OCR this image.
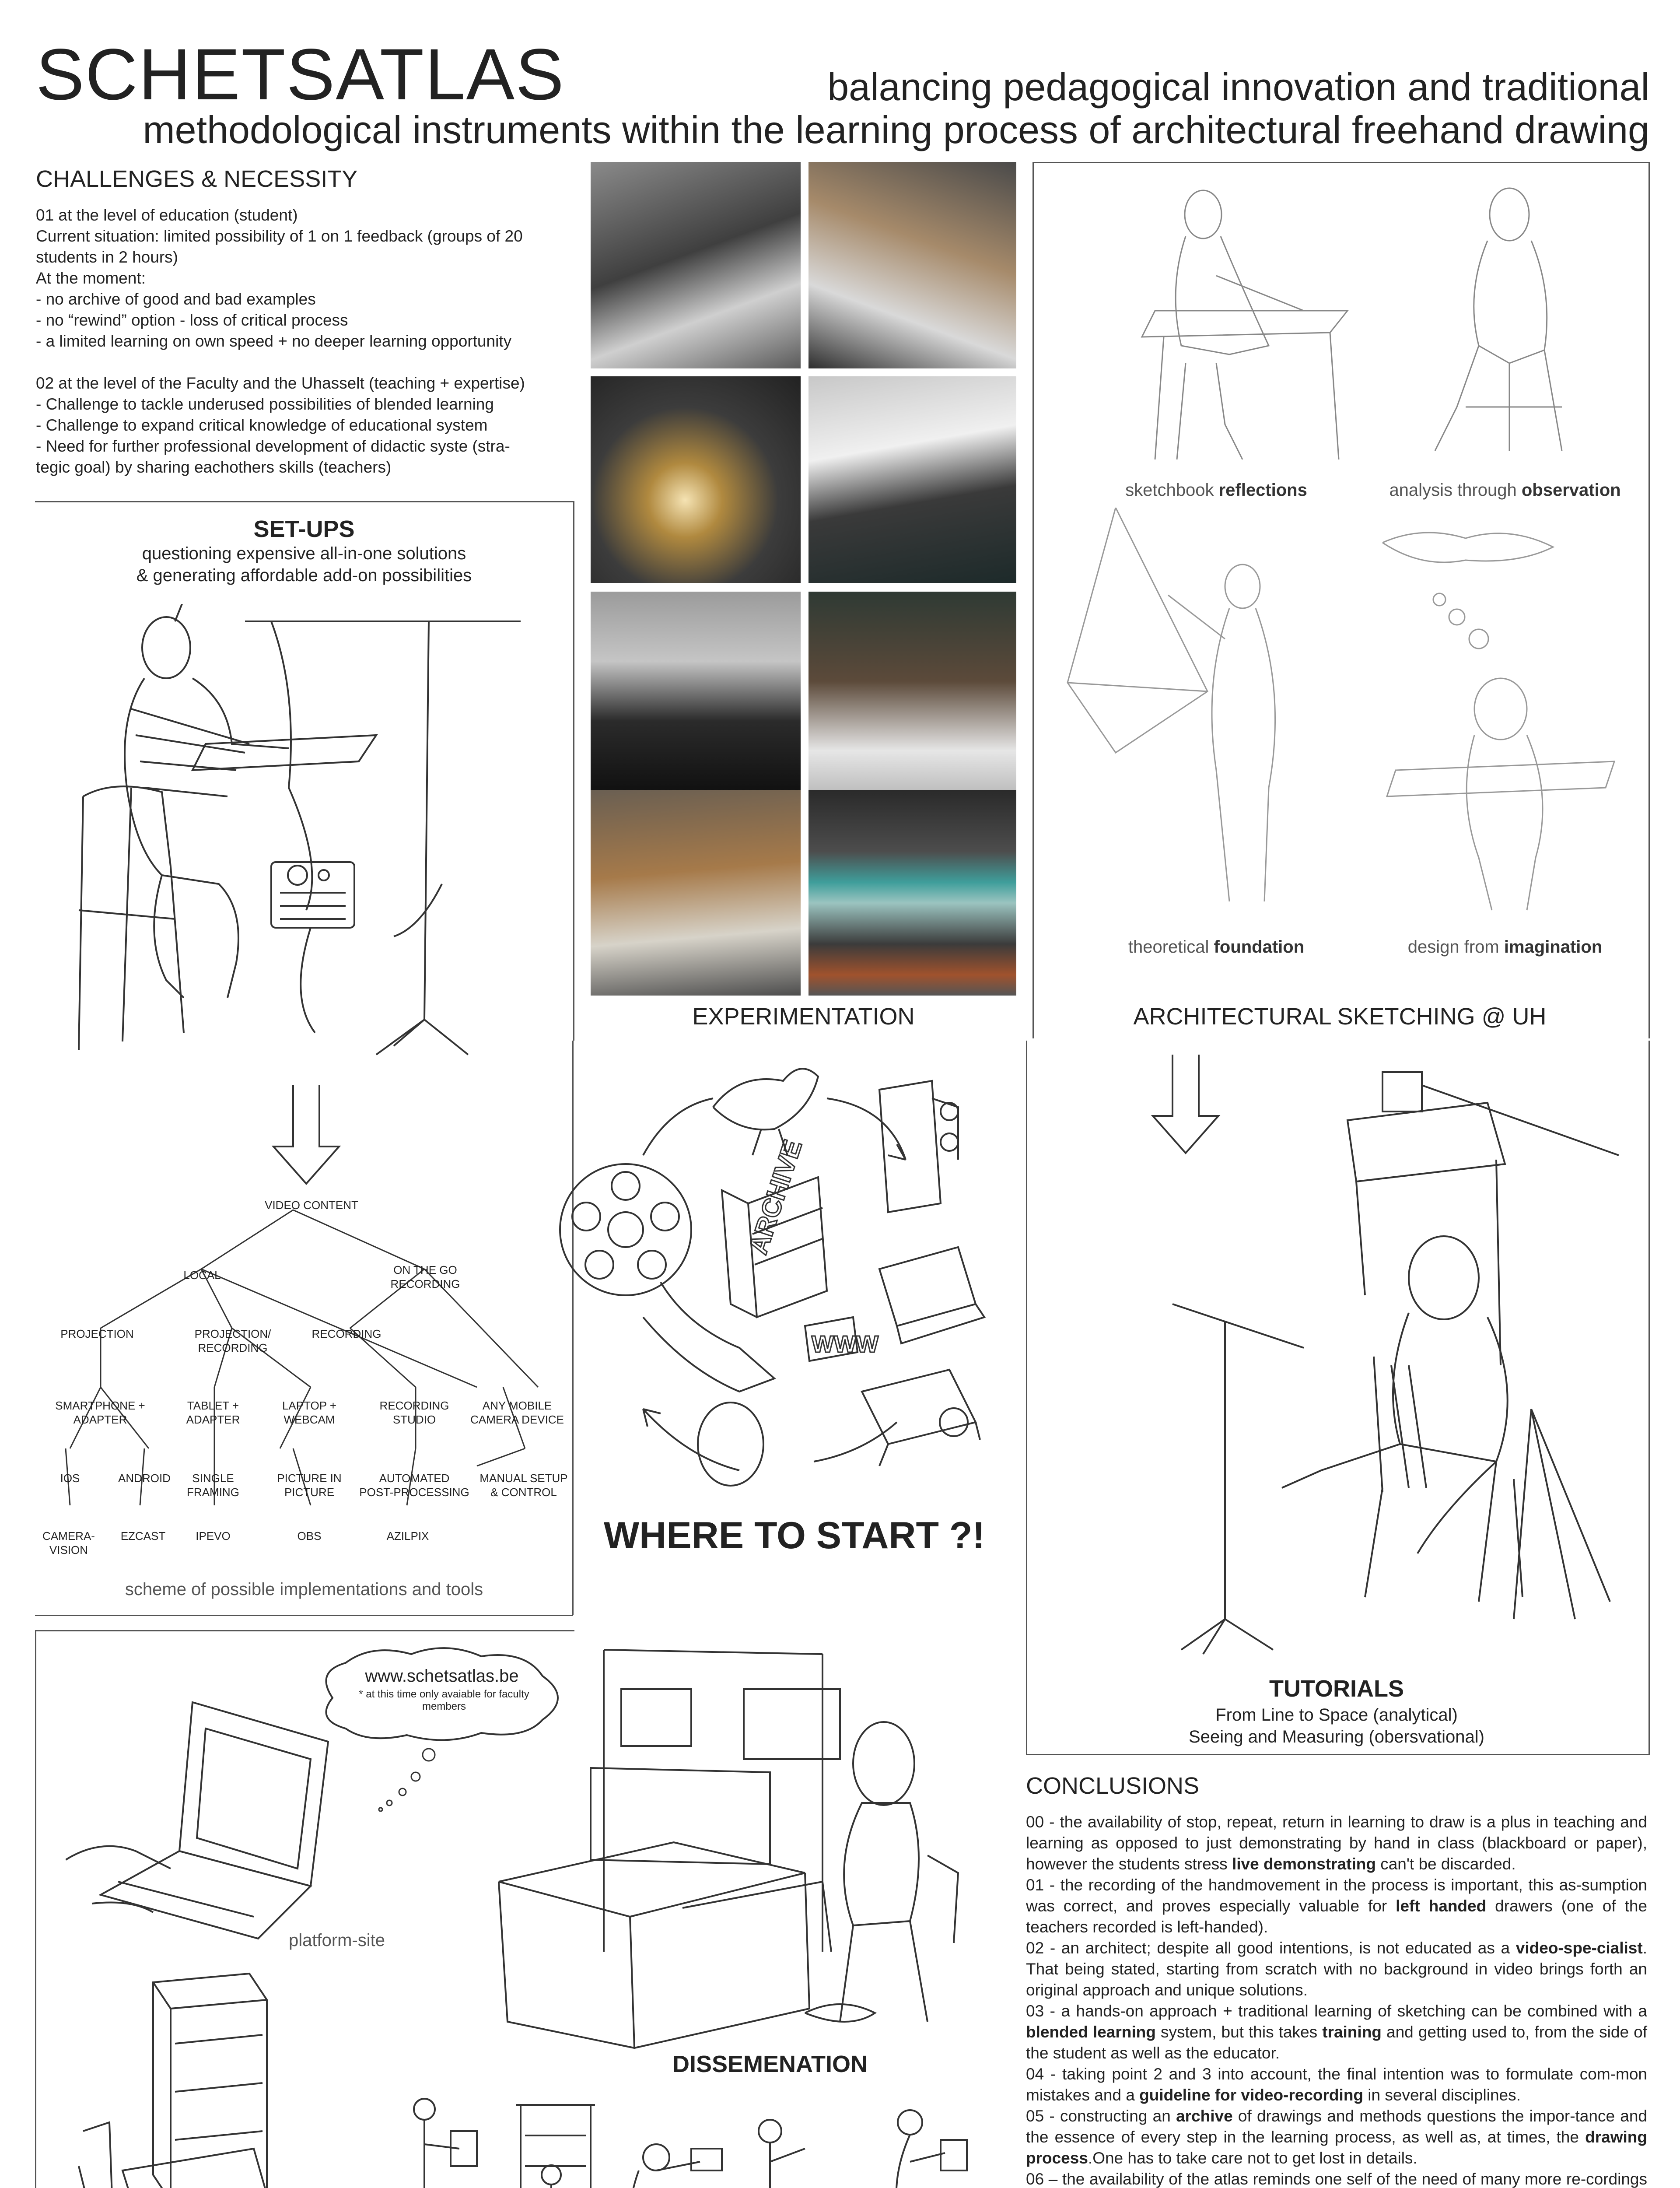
SCHETSATLAS	balancing pedagogical innovation and traditional
methodological instruments within the learning process of architectural freehand drawing
CHALLENGES & NECESSITY
01 at the level of education (student)
Current situation: limited possibility of 1 on 1 feedback (groups of 20
students in 2 hours)
At the moment:
- no archive of good and bad examples
- no “rewind” option - loss of critical process
- a limited learning on own speed + no deeper learning opportunity

02 at the level of the Faculty and the Uhasselt (teaching + expertise)
- Challenge to tackle underused possibilities of blended learning
- Challenge to expand critical knowledge of educational system
- Need for further professional development of didactic syste (stra-
tegic goal) by sharing eachothers skills (teachers)
SET-UPS
questioning expensive all-in-one solutions
& generating affordable add-on possibilities
VIDEO CONTENT
LOCAL	ON THE GO
RECORDING
PROJECTION	PROJECTION/
RECORDING
RECORDING
SMARTPHONE +
ADAPTER
TABLET +
ADAPTER
LAPTOP +
WEBCAM
RECORDING
STUDIO
ANY MOBILE
CAMERA DEVICE
IOS	ANDROID	SINGLE
FRAMING
PICTURE IN
PICTURE
AUTOMATED
POST-PROCESSING
MANUAL SETUP
& CONTROL
CAMERA-
VISION
EZCAST	IPEVO	OBS	AZILPIX
scheme of possible implementations and tools
EXPERIMENTATION
sketchbook reflections	analysis through observation
theoretical foundation	design from imagination
ARCHITECTURAL SKETCHING @ UH
TUTORIALS
From Line to Space (analytical)
Seeing and Measuring (obersvational)
ARCHIVE
WWW
WHERE TO START ?!
www.schetsatlas.be
* at this time only avaiable for faculty members
platform-site
DISSEMENATION
CONCLUSIONS

00 - the availability of stop, repeat, return in learning to draw is a plus in teaching and learning as opposed to just demonstrating by hand in class (blackboard or paper), however the students stress live demonstrating can't be discarded.

01 - the recording of the handmovement in the process is important, this as-sumption was correct, and proves especially valuable for left handed drawers (one of the teachers recorded is left-handed).

02 - an architect; despite all good intentions, is not educated as a video-spe-cialist. That being stated, starting from scratch with no background in video brings forth an original approach and unique solutions.

03 - a hands-on approach + traditional learning of sketching can be combined with a blended learning system, but this takes training and getting used to, from the side of the student as well as the educator.

04 - taking point 2 and 3 into account, the final intention was to formulate com-mon mistakes and a guideline for video-recording in several disciplines.

05 - constructing an archive of drawings and methods questions the impor-tance and the essence of every step in the learning process, as well as, at times, the drawing process.One has to take care not to get lost in details.

06 – the availability of the atlas reminds one self of the need of many more re-cordings
